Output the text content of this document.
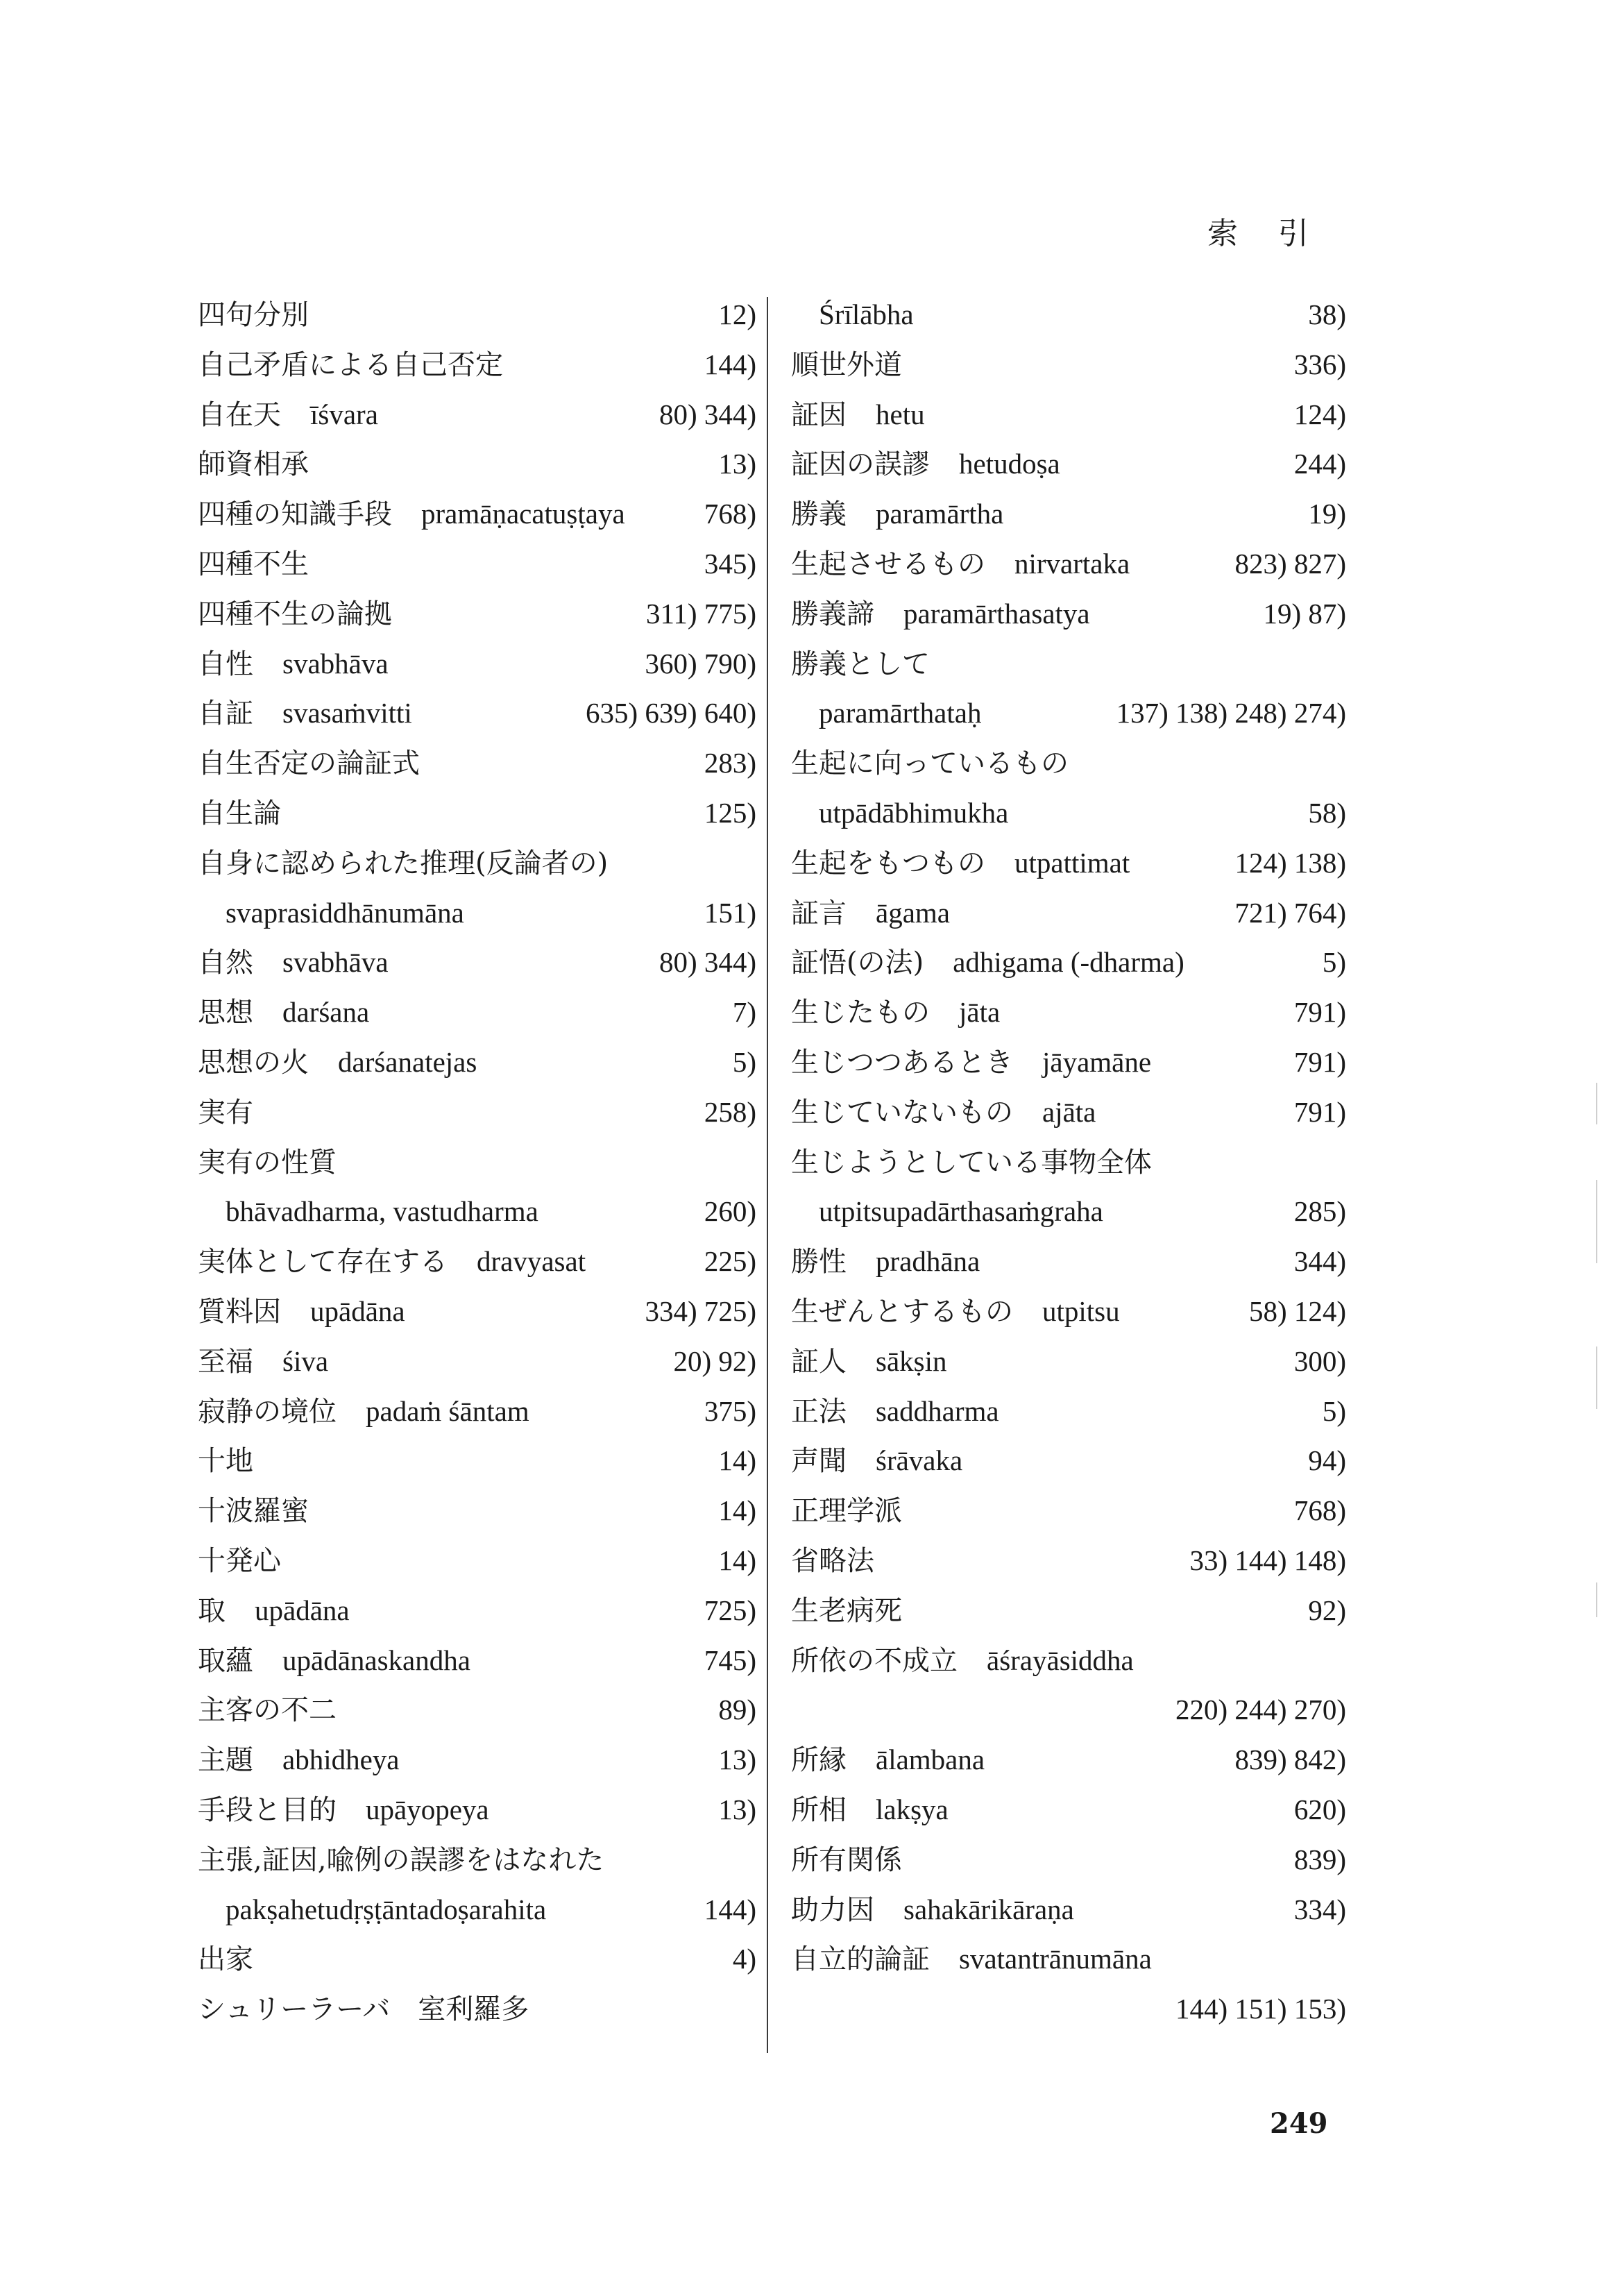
索引
四句分別	12)
自己矛盾による自己否定	144)
自在天 īśvara	80) 344)
師資相承	13)
四種の知識手段 pramāṇacatuṣṭaya	768)
四種不生	345)
四種不生の論拠	311) 775)
自性 svabhāva	360) 790)
自証 svasaṁvitti	635) 639) 640)
自生否定の論証式	283)
自生論	125)
自身に認められた推理(反論者の)
svaprasiddhānumāna	151)
自然 svabhāva	80) 344)
思想 darśana	7)
思想の火 darśanatejas	5)
実有	258)
実有の性質
bhāvadharma, vastudharma	260)
実体として存在する dravyasat	225)
質料因 upādāna	334) 725)
至福 śiva	20) 92)
寂静の境位 padaṁ śāntam	375)
十地	14)
十波羅蜜	14)
十発心	14)
取 upādāna	725)
取蘊 upādānaskandha	745)
主客の不二	89)
主題 abhidheya	13)
手段と目的 upāyopeya	13)
主張,証因,喩例の誤謬をはなれた
pakṣahetudṛṣṭāntadoṣarahita	144)
出家	4)
シュリーラーバ　室利羅多
Śrīlābha	38)
順世外道	336)
証因 hetu	124)
証因の誤謬 hetudoṣa	244)
勝義 paramārtha	19)
生起させるもの nirvartaka	823) 827)
勝義諦 paramārthasatya	19) 87)
勝義として
paramārthataḥ	137) 138) 248) 274)
生起に向っているもの
utpādābhimukha	58)
生起をもつもの utpattimat	124) 138)
証言 āgama	721) 764)
証悟(の法) adhigama (-dharma)	5)
生じたもの jāta	791)
生じつつあるとき jāyamāne	791)
生じていないもの ajāta	791)
生じようとしている事物全体
utpitsupadārthasaṁgraha	285)
勝性 pradhāna	344)
生ぜんとするもの utpitsu	58) 124)
証人 sākṣin	300)
正法 saddharma	5)
声聞 śrāvaka	94)
正理学派	768)
省略法	33) 144) 148)
生老病死	92)
所依の不成立 āśrayāsiddha
220) 244) 270)
所縁 ālambana	839) 842)
所相 lakṣya	620)
所有関係	839)
助力因 sahakārikāraṇa	334)
自立的論証 svatantrānumāna
144) 151) 153)
249
